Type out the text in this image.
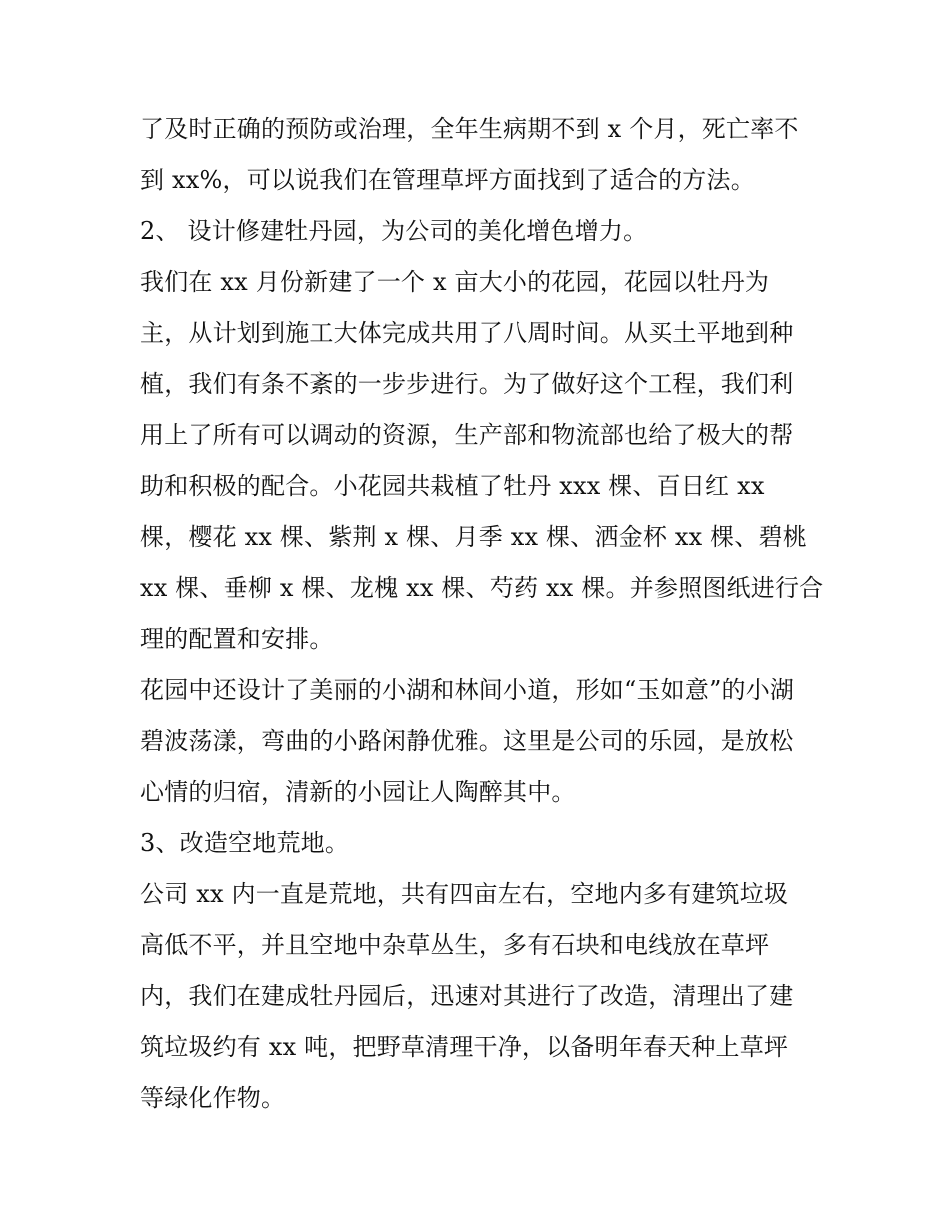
了及时正确的预防或治理，全年生病期不到 x 个月，死亡率不
到 xx%，可以说我们在管理草坪方面找到了适合的方法。
2、 设计修建牡丹园，为公司的美化增色增力。
我们在 xx 月份新建了一个 x 亩大小的花园，花园以牡丹为
主，从计划到施工大体完成共用了八周时间。从买土平地到种
植，我们有条不紊的一步步进行。为了做好这个工程，我们利
用上了所有可以调动的资源，生产部和物流部也给了极大的帮
助和积极的配合。小花园共栽植了牡丹 xxx 棵、百日红 xx
棵，樱花 xx 棵、紫荆 x 棵、月季 xx 棵、洒金杯 xx 棵、碧桃
xx 棵、垂柳 x 棵、龙槐 xx 棵、芍药 xx 棵。并参照图纸进行合
理的配置和安排。
花园中还设计了美丽的小湖和林间小道，形如“玉如意”的小湖
碧波荡漾，弯曲的小路闲静优雅。这里是公司的乐园，是放松
心情的归宿，清新的小园让人陶醉其中。
3、改造空地荒地。
公司 xx 内一直是荒地，共有四亩左右，空地内多有建筑垃圾
高低不平，并且空地中杂草丛生，多有石块和电线放在草坪
内，我们在建成牡丹园后，迅速对其进行了改造，清理出了建
筑垃圾约有 xx 吨，把野草清理干净，以备明年春天种上草坪
等绿化作物。
